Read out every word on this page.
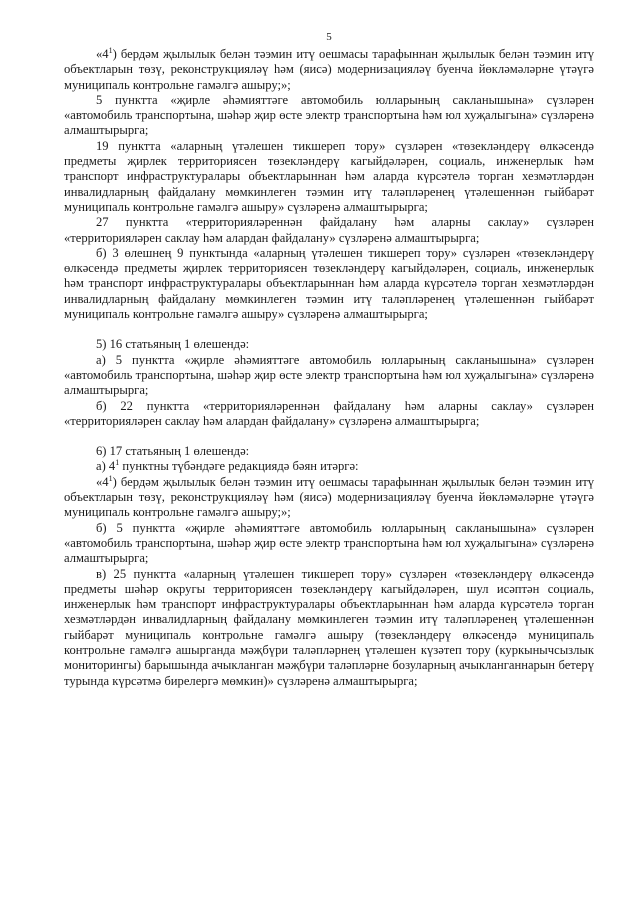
5

«$4^1$) бердәм җылылык белән тәэмин итү оешмасы тарафыннан җылылык белән тәэмин итү объектларын төзү, реконструкцияләү һәм (яисә) модернизацияләү буенча йөкләмәләрне үтәүгә муниципаль контрольне гамәлгә ашыру;»;

5 пунктта «җирле әһәмияттәге автомобиль юлларының сакланышына» сүзләрен «автомобиль транспортына, шәһәр җир өсте электр транспортына һәм юл хуҗалыгына» сүзләренә алмаштырырга;

19 пунктта «аларның үтәлешен тикшереп тору» сүзләрен «төзекләндерү өлкәсендә предметы җирлек территориясен төзекләндерү кагыйдәләрен, социаль, инженерлык һәм транспорт инфраструктуралары объектларыннан һәм аларда күрсәтелә торган хезмәтләрдән инвалидларның файдалану мөмкинлеген тәэмин итү таләпләренең үтәлешеннән гыйбарәт муниципаль контрольне гамәлгә ашыру» сүзләренә алмаштырырга;

27 пунктта «территорияләреннән файдалану һәм аларны саклау» сүзләрен «территорияләрен саклау һәм алардан файдалану» сүзләренә алмаштырырга;

б) 3 өлешнең 9 пунктында «аларның үтәлешен тикшереп тору» сүзләрен «төзекләндерү өлкәсендә предметы җирлек территориясен төзекләндерү кагыйдәләрен, социаль, инженерлык һәм транспорт инфраструктуралары объектларыннан һәм аларда күрсәтелә торган хезмәтләрдән инвалидларның файдалану мөмкинлеген тәэмин итү таләпләренең үтәлешеннән гыйбарәт муниципаль контрольне гамәлгә ашыру» сүзләренә алмаштырырга;

5) 16 статьяның 1 өлешендә:

а) 5 пунктта «җирле әһәмияттәге автомобиль юлларының сакланышына» сүзләрен «автомобиль транспортына, шәһәр җир өсте электр транспортына һәм юл хуҗалыгына» сүзләренә алмаштырырга;

б) 22 пунктта «территорияләреннән файдалану һәм аларны саклау» сүзләрен «территорияләрен саклау һәм алардан файдалану» сүзләренә алмаштырырга;

6) 17 статьяның 1 өлешендә:

а) $4^1$ пунктны түбәндәге редакциядә бәян итәргә:

«$4^1$) бердәм җылылык белән тәэмин итү оешмасы тарафыннан җылылык белән тәэмин итү объектларын төзү, реконструкцияләү һәм (яисә) модернизацияләү буенча йөкләмәләрне үтәүгә муниципаль контрольне гамәлгә ашыру;»;

б) 5 пунктта «җирле әһәмияттәге автомобиль юлларының сакланышына» сүзләрен «автомобиль транспортына, шәһәр җир өсте электр транспортына һәм юл хуҗалыгына» сүзләренә алмаштырырга;

в) 25 пунктта «аларның үтәлешен тикшереп тору» сүзләрен «төзекләндерү өлкәсендә предметы шәһәр округы территориясен төзекләндерү кагыйдәләрен, шул исәптән социаль, инженерлык һәм транспорт инфраструктуралары объектларыннан һәм аларда күрсәтелә торган хезмәтләрдән инвалидларның файдалану мөмкинлеген тәэмин итү таләпләренең үтәлешеннән гыйбарәт муниципаль контрольне гамәлгә ашыру (төзекләндерү өлкәсендә муниципаль контрольне гамәлгә ашырганда мәҗбүри таләпләрнең үтәлешен күзәтеп тору (куркынычсызлык мониторингы) барышында ачыкланган мәҗбүри таләпләрне бозуларның ачыкланганнарын бетерү турында күрсәтмә бирелергә мөмкин)» сүзләренә алмаштырырга;
